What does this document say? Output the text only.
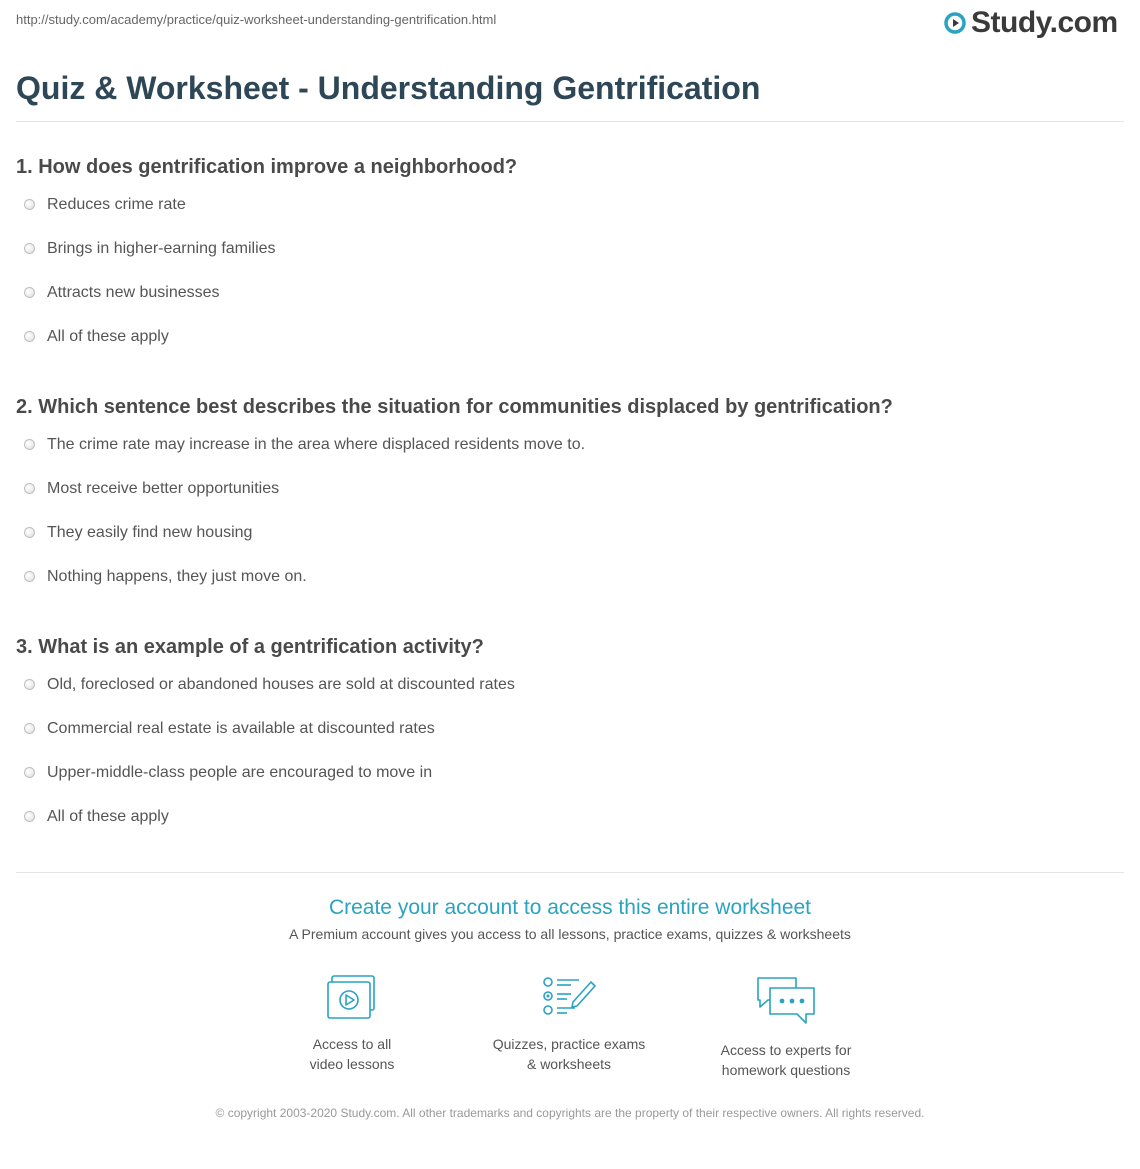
http://study.com/academy/practice/quiz-worksheet-understanding-gentrification.html	Study.com
Quiz & Worksheet - Understanding Gentrification
1. How does gentrification improve a neighborhood?
Reduces crime rate
Brings in higher-earning families
Attracts new businesses
All of these apply
2. Which sentence best describes the situation for communities displaced by gentrification?
The crime rate may increase in the area where displaced residents move to.
Most receive better opportunities
They easily find new housing
Nothing happens, they just move on.
3. What is an example of a gentrification activity?
Old, foreclosed or abandoned houses are sold at discounted rates
Commercial real estate is available at discounted rates
Upper-middle-class people are encouraged to move in
All of these apply
Create your account to access this entire worksheet
A Premium account gives you access to all lessons, practice exams, quizzes & worksheets
Access to all
video lessons
Quizzes, practice exams
& worksheets
Access to experts for
homework questions
© copyright 2003-2020 Study.com. All other trademarks and copyrights are the property of their respective owners. All rights reserved.
